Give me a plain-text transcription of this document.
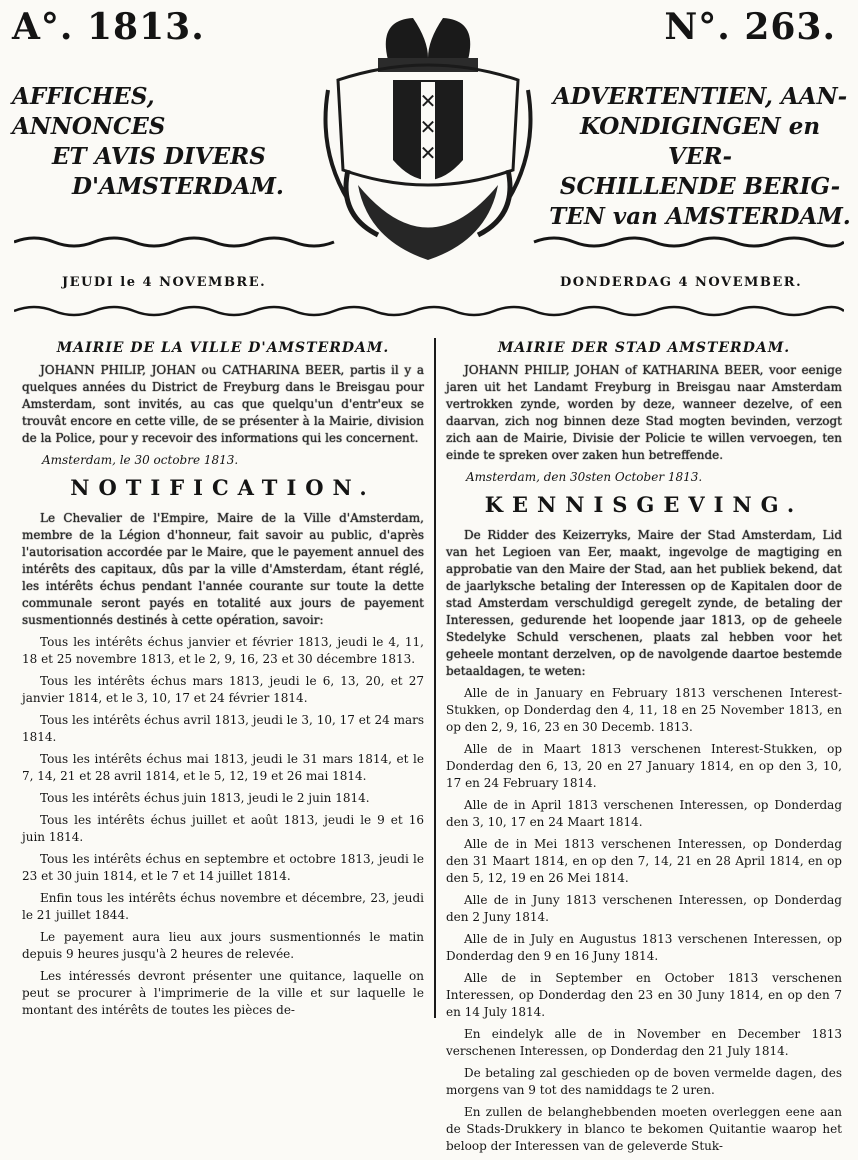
A°. 1813.	N°. 263.
AFFICHES, ANNONCES
ET AVIS DIVERS
D'AMSTERDAM.
ADVERTENTIEN, AAN-
KONDIGINGEN en VER-
SCHILLENDE BERIG-
TEN van AMSTERDAM.
✕
✕
✕
JEUDI le 4 NOVEMBRE.	DONDERDAG 4 NOVEMBER.

MAIRIE DE LA VILLE D'AMSTERDAM.

JOHANN PHILIP, JOHAN ou CATHARINA BEER, partis il y a quelques années du District de Freyburg dans le Breisgau pour Amsterdam, sont invités, au cas que quelqu'un d'entr'eux se trouvât encore en cette ville, de se présenter à la Mairie, division de la Police, pour y recevoir des informations qui les concernent.

Amsterdam, le 30 octobre 1813.

NOTIFICATION.

Le Chevalier de l'Empire, Maire de la Ville d'Amsterdam, membre de la Légion d'honneur, fait savoir au public, d'après l'autorisation accordée par le Maire, que le payement annuel des intérêts des capitaux, dûs par la ville d'Amsterdam, étant réglé, les intérêts échus pendant l'année courante sur toute la dette communale seront payés en totalité aux jours de payement susmentionnés destinés à cette opération, savoir:

Tous les intérêts échus janvier et février 1813, jeudi le 4, 11, 18 et 25 novembre 1813, et le 2, 9, 16, 23 et 30 décembre 1813.

Tous les intérêts échus mars 1813, jeudi le 6, 13, 20, et 27 janvier 1814, et le 3, 10, 17 et 24 février 1814.

Tous les intérêts échus avril 1813, jeudi le 3, 10, 17 et 24 mars 1814.

Tous les intérêts échus mai 1813, jeudi le 31 mars 1814, et le 7, 14, 21 et 28 avril 1814, et le 5, 12, 19 et 26 mai 1814.

Tous les intérêts échus juin 1813, jeudi le 2 juin 1814.

Tous les intérêts échus juillet et août 1813, jeudi le 9 et 16 juin 1814.

Tous les intérêts échus en septembre et octobre 1813, jeudi le 23 et 30 juin 1814, et le 7 et 14 juillet 1814.

Enfin tous les intérêts échus novembre et décembre, 23, jeudi le 21 juillet 1844.

Le payement aura lieu aux jours susmentionnés le matin depuis 9 heures jusqu'à 2 heures de relevée.

Les intéressés devront présenter une quitance, laquelle on peut se procurer à l'imprimerie de la ville et sur laquelle le montant des intérêts de toutes les pièces de-

MAIRIE DER STAD AMSTERDAM.

JOHANN PHILIP, JOHAN of KATHARINA BEER, voor eenige jaren uit het Landamt Freyburg in Breisgau naar Amsterdam vertrokken zynde, worden by deze, wanneer dezelve, of een daarvan, zich nog binnen deze Stad mogten bevinden, verzogt zich aan de Mairie, Divisie der Policie te willen vervoegen, ten einde te spreken over zaken hun betreffende.

Amsterdam, den 30sten October 1813.

KENNISGEVING.

De Ridder des Keizerryks, Maire der Stad Amsterdam, Lid van het Legioen van Eer, maakt, ingevolge de magtiging en approbatie van den Maire der Stad, aan het publiek bekend, dat de jaarlyksche betaling der Interessen op de Kapitalen door de stad Amsterdam verschuldigd geregelt zynde, de betaling der Interessen, gedurende het loopende jaar 1813, op de geheele Stedelyke Schuld verschenen, plaats zal hebben voor het geheele montant derzelven, op de navolgende daartoe bestemde betaaldagen, te weten:

Alle de in January en February 1813 verschenen Interest-Stukken, op Donderdag den 4, 11, 18 en 25 November 1813, en op den 2, 9, 16, 23 en 30 Decemb. 1813.

Alle de in Maart 1813 verschenen Interest-Stukken, op Donderdag den 6, 13, 20 en 27 January 1814, en op den 3, 10, 17 en 24 February 1814.

Alle de in April 1813 verschenen Interessen, op Donderdag den 3, 10, 17 en 24 Maart 1814.

Alle de in Mei 1813 verschenen Interessen, op Donderdag den 31 Maart 1814, en op den 7, 14, 21 en 28 April 1814, en op den 5, 12, 19 en 26 Mei 1814.

Alle de in Juny 1813 verschenen Interessen, op Donderdag den 2 Juny 1814.

Alle de in July en Augustus 1813 verschenen Interessen, op Donderdag den 9 en 16 Juny 1814.

Alle de in September en October 1813 verschenen Interessen, op Donderdag den 23 en 30 Juny 1814, en op den 7 en 14 July 1814.

En eindelyk alle de in November en December 1813 verschenen Interessen, op Donderdag den 21 July 1814.

De betaling zal geschieden op de boven vermelde dagen, des morgens van 9 tot des namiddags te 2 uren.

En zullen de belanghebbenden moeten overleggen eene aan de Stads-Drukkery in blanco te bekomen Quitantie waarop het beloop der Interessen van de geleverde Stuk-
